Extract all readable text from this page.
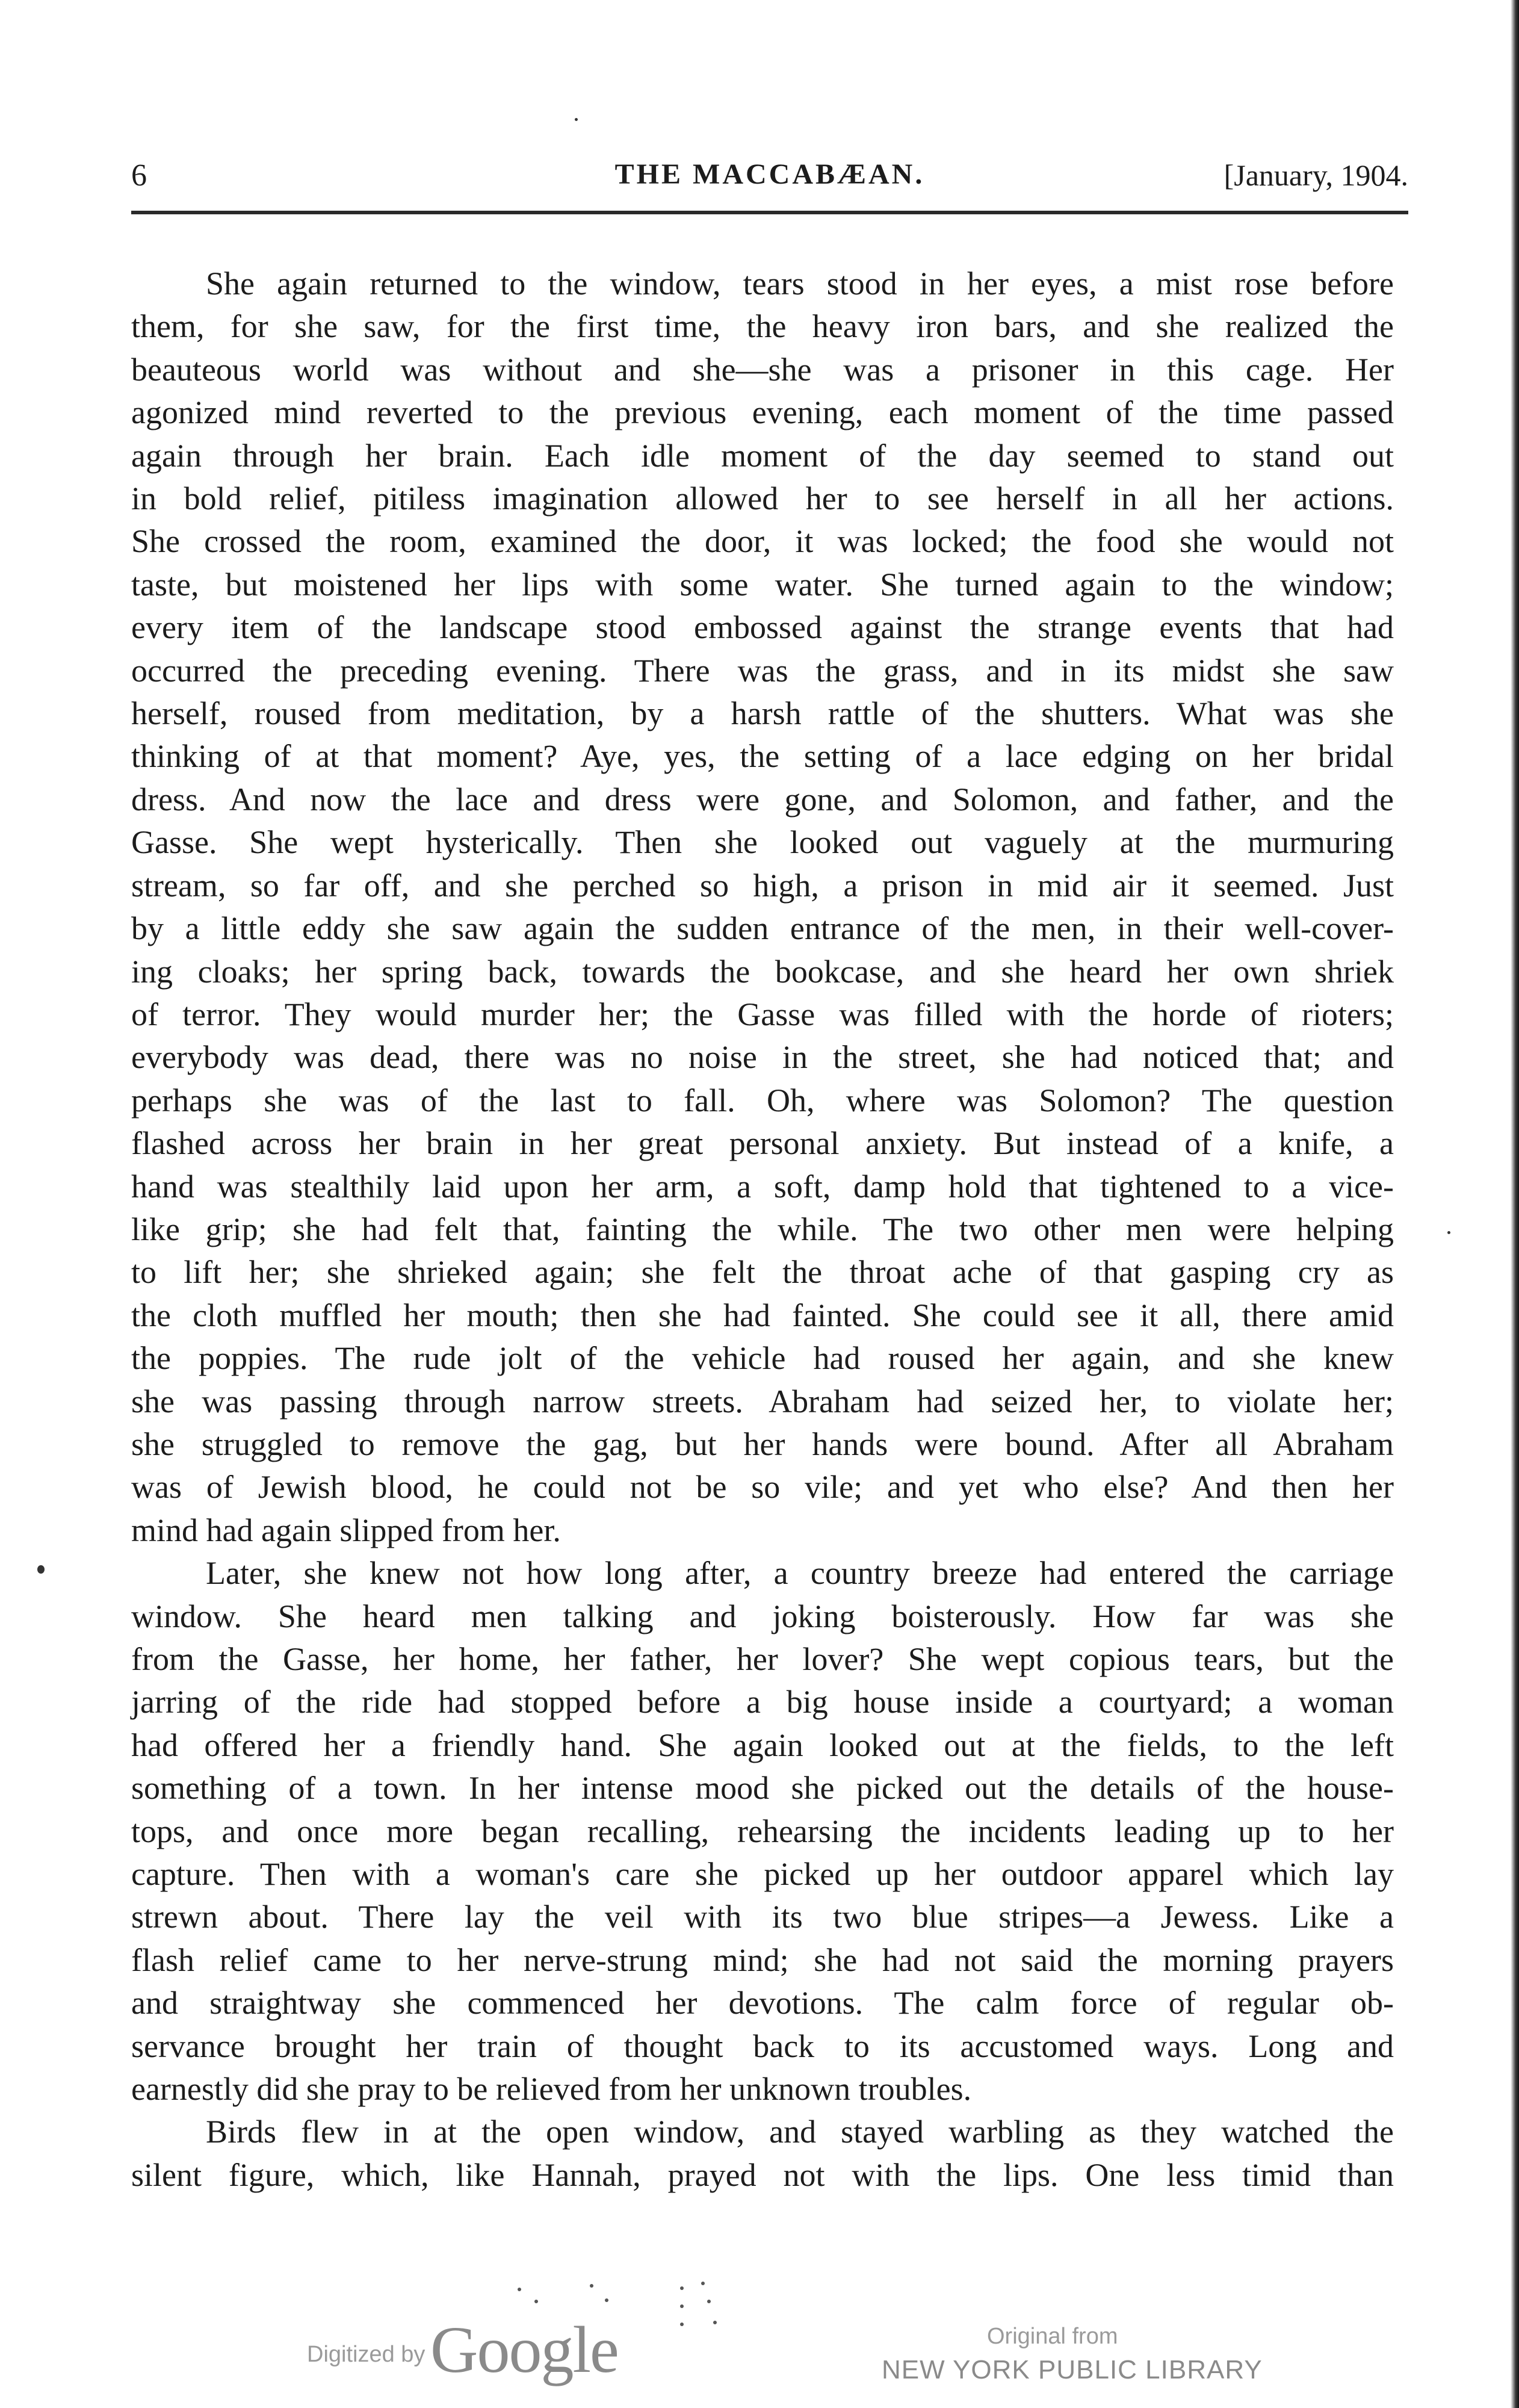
6	THE MACCABÆAN.	[January, 1904.

She again returned to the window, tears stood in her eyes, a mist rose before
them, for she saw, for the first time, the heavy iron bars, and she realized the
beauteous world was without and she—she was a prisoner in this cage. Her
agonized mind reverted to the previous evening, each moment of the time passed
again through her brain. Each idle moment of the day seemed to stand out
in bold relief, pitiless imagination allowed her to see herself in all her actions.
She crossed the room, examined the door, it was locked; the food she would not
taste, but moistened her lips with some water. She turned again to the window;
every item of the landscape stood embossed against the strange events that had
occurred the preceding evening. There was the grass, and in its midst she saw
herself, roused from meditation, by a harsh rattle of the shutters. What was she
thinking of at that moment? Aye, yes, the setting of a lace edging on her bridal
dress. And now the lace and dress were gone, and Solomon, and father, and the
Gasse. She wept hysterically. Then she looked out vaguely at the murmuring
stream, so far off, and she perched so high, a prison in mid air it seemed. Just
by a little eddy she saw again the sudden entrance of the men, in their well-cover-
ing cloaks; her spring back, towards the bookcase, and she heard her own shriek
of terror. They would murder her; the Gasse was filled with the horde of rioters;
everybody was dead, there was no noise in the street, she had noticed that; and
perhaps she was of the last to fall. Oh, where was Solomon? The question
flashed across her brain in her great personal anxiety. But instead of a knife, a
hand was stealthily laid upon her arm, a soft, damp hold that tightened to a vice-
like grip; she had felt that, fainting the while. The two other men were helping
to lift her; she shrieked again; she felt the throat ache of that gasping cry as
the cloth muffled her mouth; then she had fainted. She could see it all, there amid
the poppies. The rude jolt of the vehicle had roused her again, and she knew
she was passing through narrow streets. Abraham had seized her, to violate her;
she struggled to remove the gag, but her hands were bound. After all Abraham
was of Jewish blood, he could not be so vile; and yet who else? And then her
mind had again slipped from her.

Later, she knew not how long after, a country breeze had entered the carriage
window. She heard men talking and joking boisterously. How far was she
from the Gasse, her home, her father, her lover? She wept copious tears, but the
jarring of the ride had stopped before a big house inside a courtyard; a woman
had offered her a friendly hand. She again looked out at the fields, to the left
something of a town. In her intense mood she picked out the details of the house-
tops, and once more began recalling, rehearsing the incidents leading up to her
capture. Then with a woman's care she picked up her outdoor apparel which lay
strewn about. There lay the veil with its two blue stripes—a Jewess. Like a
flash relief came to her nerve-strung mind; she had not said the morning prayers
and straightway she commenced her devotions. The calm force of regular ob-
servance brought her train of thought back to its accustomed ways. Long and
earnestly did she pray to be relieved from her unknown troubles.

Birds flew in at the open window, and stayed warbling as they watched the
silent figure, which, like Hannah, prayed not with the lips. One less timid than

Digitized by Google	Original from
NEW YORK PUBLIC LIBRARY
